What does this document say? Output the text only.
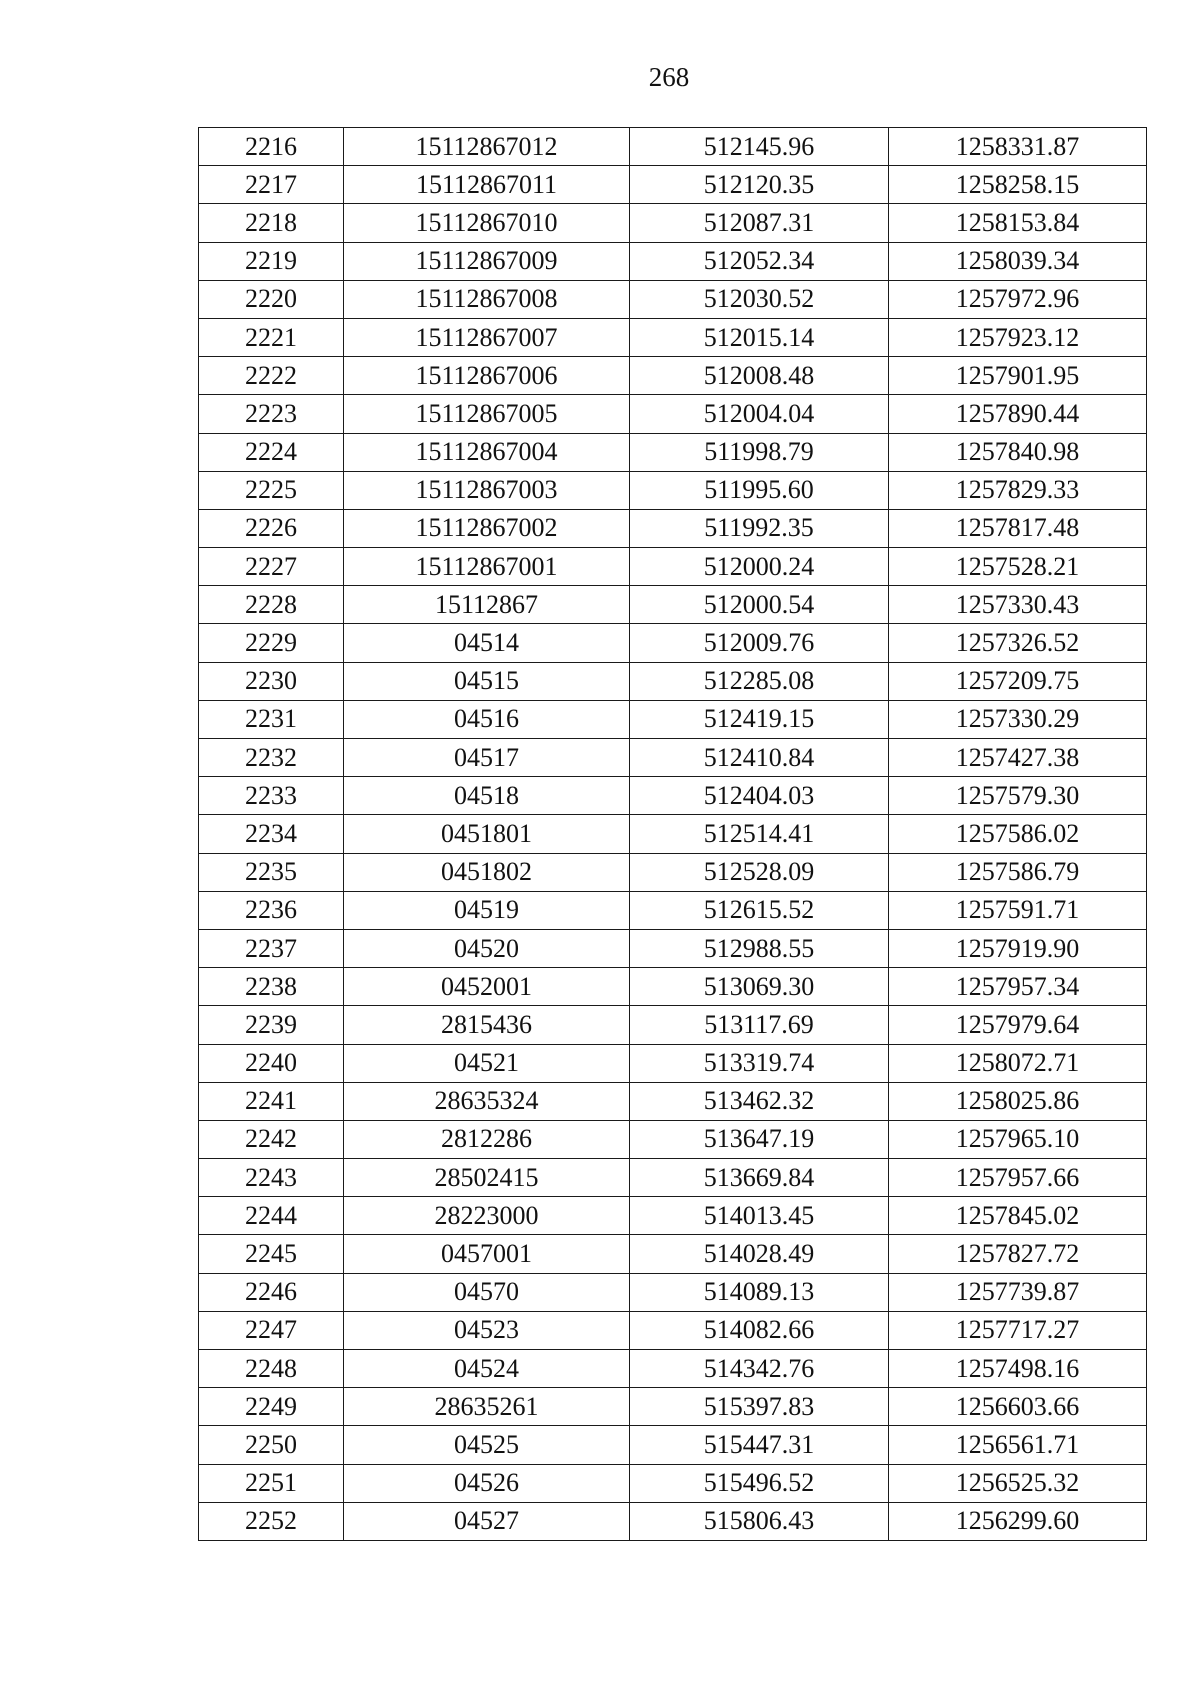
268
2216	15112867012	512145.96	1258331.87
2217	15112867011	512120.35	1258258.15
2218	15112867010	512087.31	1258153.84
2219	15112867009	512052.34	1258039.34
2220	15112867008	512030.52	1257972.96
2221	15112867007	512015.14	1257923.12
2222	15112867006	512008.48	1257901.95
2223	15112867005	512004.04	1257890.44
2224	15112867004	511998.79	1257840.98
2225	15112867003	511995.60	1257829.33
2226	15112867002	511992.35	1257817.48
2227	15112867001	512000.24	1257528.21
2228	15112867	512000.54	1257330.43
2229	04514	512009.76	1257326.52
2230	04515	512285.08	1257209.75
2231	04516	512419.15	1257330.29
2232	04517	512410.84	1257427.38
2233	04518	512404.03	1257579.30
2234	0451801	512514.41	1257586.02
2235	0451802	512528.09	1257586.79
2236	04519	512615.52	1257591.71
2237	04520	512988.55	1257919.90
2238	0452001	513069.30	1257957.34
2239	2815436	513117.69	1257979.64
2240	04521	513319.74	1258072.71
2241	28635324	513462.32	1258025.86
2242	2812286	513647.19	1257965.10
2243	28502415	513669.84	1257957.66
2244	28223000	514013.45	1257845.02
2245	0457001	514028.49	1257827.72
2246	04570	514089.13	1257739.87
2247	04523	514082.66	1257717.27
2248	04524	514342.76	1257498.16
2249	28635261	515397.83	1256603.66
2250	04525	515447.31	1256561.71
2251	04526	515496.52	1256525.32
2252	04527	515806.43	1256299.60
